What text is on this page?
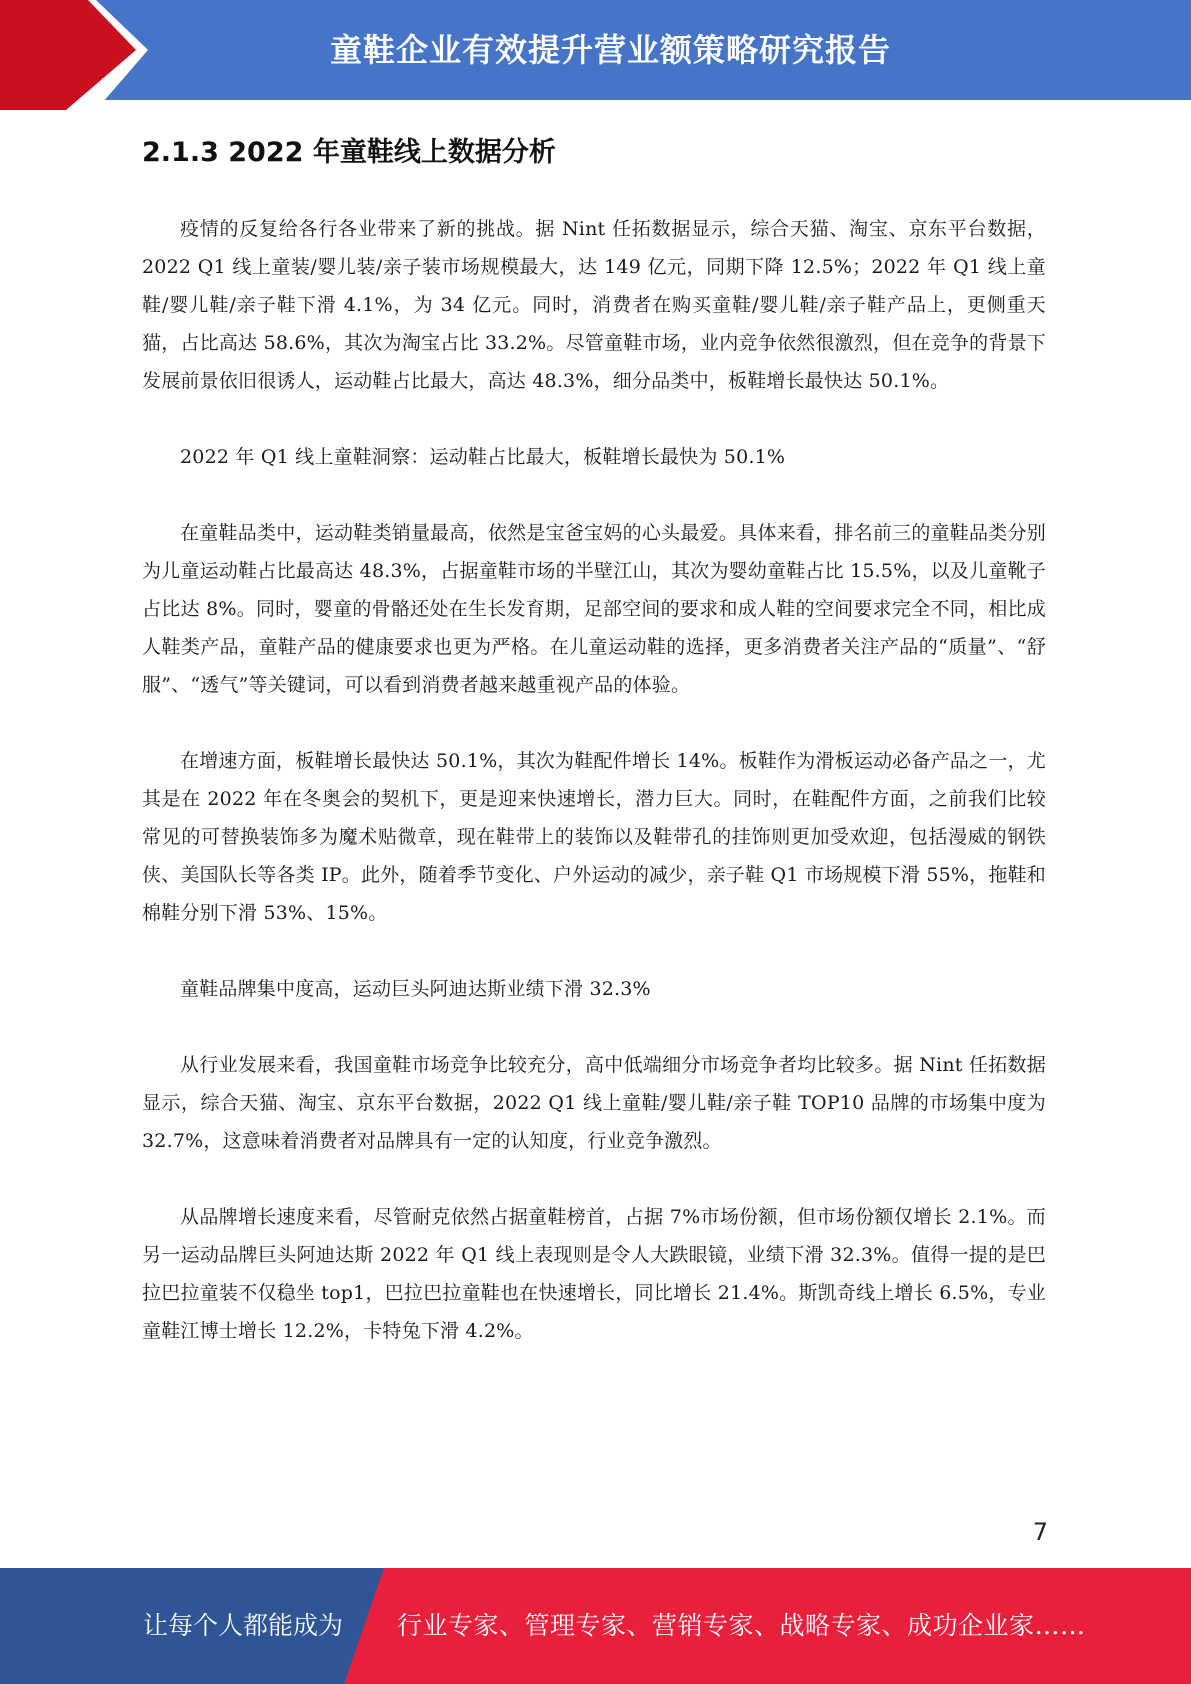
童鞋企业有效提升营业额策略研究报告
2.1.3 2022 年童鞋线上数据分析

疫情的反复给各行各业带来了新的挑战。据 Nint 任拓数据显示，综合天猫、淘宝、京东平台数据，2022 Q1 线上童装/婴儿装/亲子装市场规模最大，达 149 亿元，同期下降 12.5%；2022 年 Q1 线上童鞋/婴儿鞋/亲子鞋下滑 4.1%，为 34 亿元。同时，消费者在购买童鞋/婴儿鞋/亲子鞋产品上，更侧重天猫，占比高达 58.6%，其次为淘宝占比 33.2%。尽管童鞋市场，业内竞争依然很激烈，但在竞争的背景下发展前景依旧很诱人，运动鞋占比最大，高达 48.3%，细分品类中，板鞋增长最快达 50.1%。

2022 年 Q1 线上童鞋洞察：运动鞋占比最大，板鞋增长最快为 50.1%

在童鞋品类中，运动鞋类销量最高，依然是宝爸宝妈的心头最爱。具体来看，排名前三的童鞋品类分别为儿童运动鞋占比最高达 48.3%，占据童鞋市场的半壁江山，其次为婴幼童鞋占比 15.5%，以及儿童靴子占比达 8%。同时，婴童的骨骼还处在生长发育期，足部空间的要求和成人鞋的空间要求完全不同，相比成人鞋类产品，童鞋产品的健康要求也更为严格。在儿童运动鞋的选择，更多消费者关注产品的“质量”、“舒服”、“透气”等关键词，可以看到消费者越来越重视产品的体验。

在增速方面，板鞋增长最快达 50.1%，其次为鞋配件增长 14%。板鞋作为滑板运动必备产品之一，尤其是在 2022 年在冬奥会的契机下，更是迎来快速增长，潜力巨大。同时，在鞋配件方面，之前我们比较常见的可替换装饰多为魔术贴微章，现在鞋带上的装饰以及鞋带孔的挂饰则更加受欢迎，包括漫威的钢铁侠、美国队长等各类 IP。此外，随着季节变化、户外运动的减少，亲子鞋 Q1 市场规模下滑 55%，拖鞋和棉鞋分别下滑 53%、15%。

童鞋品牌集中度高，运动巨头阿迪达斯业绩下滑 32.3%

从行业发展来看，我国童鞋市场竞争比较充分，高中低端细分市场竞争者均比较多。据 Nint 任拓数据显示，综合天猫、淘宝、京东平台数据，2022 Q1 线上童鞋/婴儿鞋/亲子鞋 TOP10 品牌的市场集中度为 32.7%，这意味着消费者对品牌具有一定的认知度，行业竞争激烈。

从品牌增长速度来看，尽管耐克依然占据童鞋榜首，占据 7%市场份额，但市场份额仅增长 2.1%。而另一运动品牌巨头阿迪达斯 2022 年 Q1 线上表现则是令人大跌眼镜，业绩下滑 32.3%。值得一提的是巴拉巴拉童装不仅稳坐 top1，巴拉巴拉童鞋也在快速增长，同比增长 21.4%。斯凯奇线上增长 6.5%，专业童鞋江博士增长 12.2%，卡特兔下滑 4.2%。

7
让每个人都能成为 行业专家、管理专家、营销专家、战略专家、成功企业家……
